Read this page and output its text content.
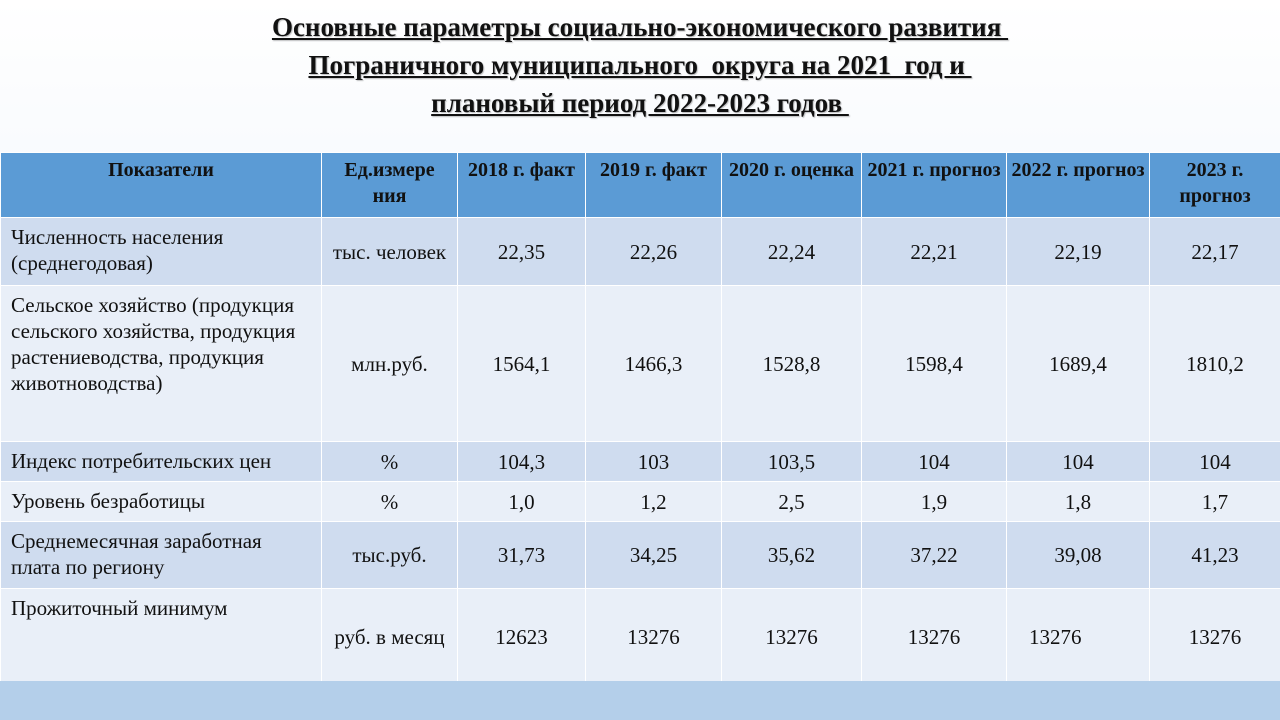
Основные параметры социально-экономического развития
Пограничного муниципального  округа на 2021  год и
плановый период 2022-2023 годов
Показатели	Ед.измере ния	2018 г. факт	2019 г. факт	2020 г. оценка	2021 г. прогноз	2022 г. прогноз	2023 г. прогноз
Численность населения (среднегодовая)	тыс. человек	22,35	22,26	22,24	22,21	22,19	22,17
Сельское хозяйство (продукция сельского хозяйства, продукция растениеводства, продукция животноводства)	млн.руб.	1564,1	1466,3	1528,8	1598,4	1689,4	1810,2
Индекс потребительских цен	%	104,3	103	103,5	104	104	104
Уровень безработицы	%	1,0	1,2	2,5	1,9	1,8	1,7
Среднемесячная заработная плата по региону	тыс.руб.	31,73	34,25	35,62	37,22	39,08	41,23
Прожиточный минимум	руб. в месяц	12623	13276	13276	13276	13276	13276
